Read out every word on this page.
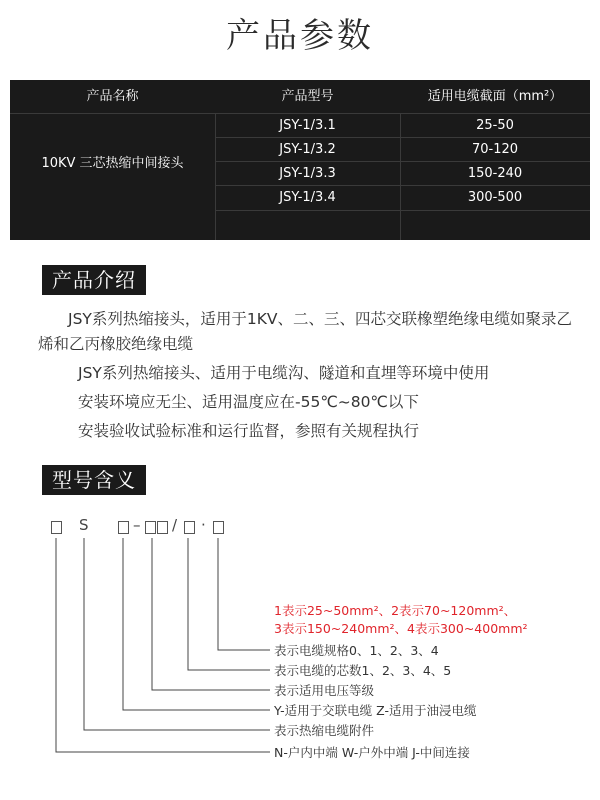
产品参数
产品名称	产品型号	适用电缆截面（mm²）
10KV 三芯热缩中间接头
JSY-1/3.1	25-50
JSY-1/3.2	70-120
JSY-1/3.3	150-240
JSY-1/3.4	300-500
产品介绍

JSY系列热缩接头，适用于1KV、二、三、四芯交联橡塑绝缘电缆如聚录乙烯和乙丙橡胶绝缘电缆

JSY系列热缩接头、适用于电缆沟、隧道和直埋等环境中使用

安装环境应无尘、适用温度应在-55℃~80℃以下

安装验收试验标准和运行监督，参照有关规程执行

型号含义
S	– / ·
1表示25~50mm²、2表示70~120mm²、
3表示150~240mm²、4表示300~400mm²
表示电缆规格0、1、2、3、4
表示电缆的芯数1、2、3、4、5
表示适用电压等级
Y-适用于交联电缆 Z-适用于油浸电缆
表示热缩电缆附件
N-户内中端 W-户外中端 J-中间连接
